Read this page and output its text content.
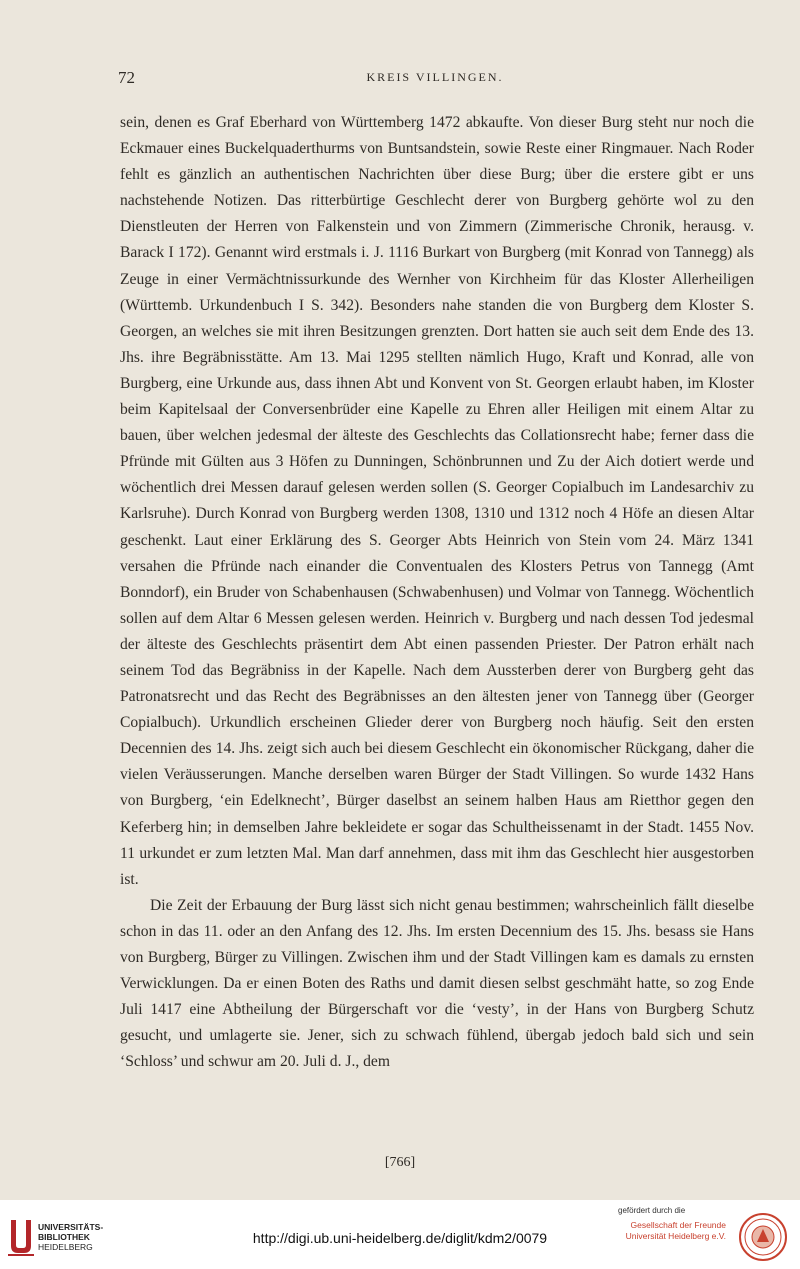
72	KREIS VILLINGEN.

sein, denen es Graf Eberhard von Württemberg 1472 abkaufte. Von dieser Burg steht nur noch die Eckmauer eines Buckelquaderthurms von Buntsandstein, sowie Reste einer Ringmauer. Nach Roder fehlt es gänzlich an authentischen Nachrichten über diese Burg; über die erstere gibt er uns nachstehende Notizen. Das ritterbürtige Geschlecht derer von Burgberg gehörte wol zu den Dienstleuten der Herren von Falkenstein und von Zimmern (Zimmerische Chronik, herausg. v. Barack I 172). Genannt wird erstmals i. J. 1116 Burkart von Burgberg (mit Konrad von Tannegg) als Zeuge in einer Vermächtnissurkunde des Wernher von Kirchheim für das Kloster Allerheiligen (Württemb. Urkundenbuch I S. 342). Besonders nahe standen die von Burgberg dem Kloster S. Georgen, an welches sie mit ihren Besitzungen grenzten. Dort hatten sie auch seit dem Ende des 13. Jhs. ihre Begräbnisstätte. Am 13. Mai 1295 stellten nämlich Hugo, Kraft und Konrad, alle von Burgberg, eine Urkunde aus, dass ihnen Abt und Konvent von St. Georgen erlaubt haben, im Kloster beim Kapitelsaal der Conversenbrüder eine Kapelle zu Ehren aller Heiligen mit einem Altar zu bauen, über welchen jedesmal der älteste des Geschlechts das Collationsrecht habe; ferner dass die Pfründe mit Gülten aus 3 Höfen zu Dunningen, Schönbrunnen und Zu der Aich dotiert werde und wöchentlich drei Messen darauf gelesen werden sollen (S. Georger Copialbuch im Landesarchiv zu Karlsruhe). Durch Konrad von Burgberg werden 1308, 1310 und 1312 noch 4 Höfe an diesen Altar geschenkt. Laut einer Erklärung des S. Georger Abts Heinrich von Stein vom 24. März 1341 versahen die Pfründe nach einander die Conventualen des Klosters Petrus von Tannegg (Amt Bonndorf), ein Bruder von Schabenhausen (Schwabenhusen) und Volmar von Tannegg. Wöchentlich sollen auf dem Altar 6 Messen gelesen werden. Heinrich v. Burgberg und nach dessen Tod jedesmal der älteste des Geschlechts präsentirt dem Abt einen passenden Priester. Der Patron erhält nach seinem Tod das Begräbniss in der Kapelle. Nach dem Aussterben derer von Burgberg geht das Patronatsrecht und das Recht des Begräbnisses an den ältesten jener von Tannegg über (Georger Copialbuch). Urkundlich erscheinen Glieder derer von Burgberg noch häufig. Seit den ersten Decennien des 14. Jhs. zeigt sich auch bei diesem Geschlecht ein ökonomischer Rückgang, daher die vielen Veräusserungen. Manche derselben waren Bürger der Stadt Villingen. So wurde 1432 Hans von Burgberg, ‘ein Edelknecht’, Bürger daselbst an seinem halben Haus am Rietthor gegen den Keferberg hin; in demselben Jahre bekleidete er sogar das Schultheissenamt in der Stadt. 1455 Nov. 11 urkundet er zum letzten Mal. Man darf annehmen, dass mit ihm das Geschlecht hier ausgestorben ist.

Die Zeit der Erbauung der Burg lässt sich nicht genau bestimmen; wahrscheinlich fällt dieselbe schon in das 11. oder an den Anfang des 12. Jhs. Im ersten Decennium des 15. Jhs. besass sie Hans von Burgberg, Bürger zu Villingen. Zwischen ihm und der Stadt Villingen kam es damals zu ernsten Verwicklungen. Da er einen Boten des Raths und damit diesen selbst geschmäht hatte, so zog Ende Juli 1417 eine Abtheilung der Bürgerschaft vor die ‘vesty’, in der Hans von Burgberg Schutz gesucht, und umlagerte sie. Jener, sich zu schwach fühlend, übergab jedoch bald sich und sein ‘Schloss’ und schwur am 20. Juli d. J., dem

[766]
UNIVERSITÄTS-
BIBLIOTHEK
HEIDELBERG
http://digi.ub.uni-heidelberg.de/diglit/kdm2/0079
gefördert durch die
Gesellschaft der Freunde
Universität Heidelberg e.V.
